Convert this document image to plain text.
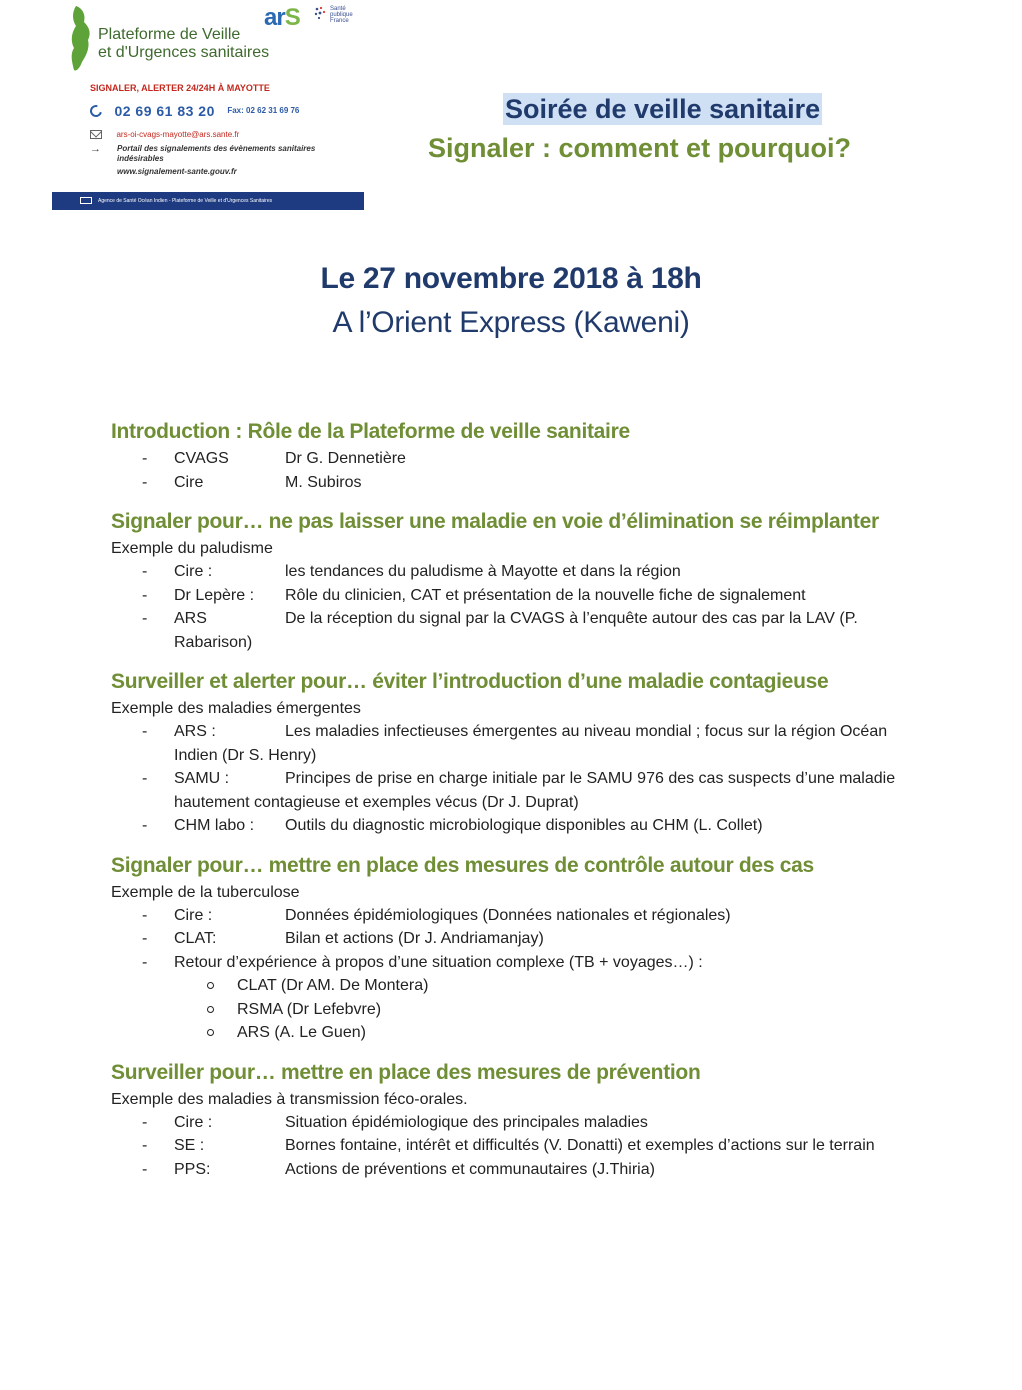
Plateforme de Veille
et d'Urgences sanitaires
arS	Santé
publique
France
SIGNALER, ALERTER 24/24H À MAYOTTE
02 69 61 83 20 Fax: 02 62 31 69 76
ars-oi-cvags-mayotte@ars.sante.fr
→ Portail des signalements des évènements sanitaires indésirables
www.signalement-sante.gouv.fr
Agence de Santé Océan Indien - Plateforme de Veille et d'Urgences Sanitaires
Soirée de veille sanitaire
Signaler : comment et pourquoi?
Le 27 novembre 2018 à 18h
A l’Orient Express (Kaweni)
Introduction : Rôle de la Plateforme de veille sanitaire
- CVAGS	Dr G. Dennetière
- Cire	M. Subiros
Signaler pour… ne pas laisser une maladie en voie d’élimination se réimplanter
Exemple du paludisme
- Cire :	les tendances du paludisme à Mayotte et dans la région
- Dr Lepère : Rôle du clinicien, CAT et présentation de la nouvelle fiche de signalement
- ARS	De la réception du signal par la CVAGS à l’enquête autour des cas par la LAV (P. Rabarison)
Surveiller et alerter pour… éviter l’introduction d’une maladie contagieuse
Exemple des maladies émergentes
- ARS :	Les maladies infectieuses émergentes au niveau mondial ; focus sur la région Océan Indien (Dr S. Henry)
- SAMU :	Principes de prise en charge initiale par le SAMU 976 des cas suspects d’une maladie hautement contagieuse et exemples vécus (Dr J. Duprat)
- CHM labo : Outils du diagnostic microbiologique disponibles au CHM (L. Collet)
Signaler pour… mettre en place des mesures de contrôle autour des cas
Exemple de la tuberculose
- Cire :	Données épidémiologiques (Données nationales et régionales)
- CLAT:	Bilan et actions (Dr J. Andriamanjay)
- Retour d’expérience à propos d’une situation complexe (TB + voyages…) :
CLAT (Dr AM. De Montera)
RSMA (Dr Lefebvre)
ARS (A. Le Guen)
Surveiller pour… mettre en place des mesures de prévention
Exemple des maladies à transmission féco-orales.
- Cire :	Situation épidémiologique des principales maladies
- SE :	Bornes fontaine, intérêt et difficultés (V. Donatti) et exemples d’actions sur le terrain
- PPS:	Actions de préventions et communautaires (J.Thiria)
